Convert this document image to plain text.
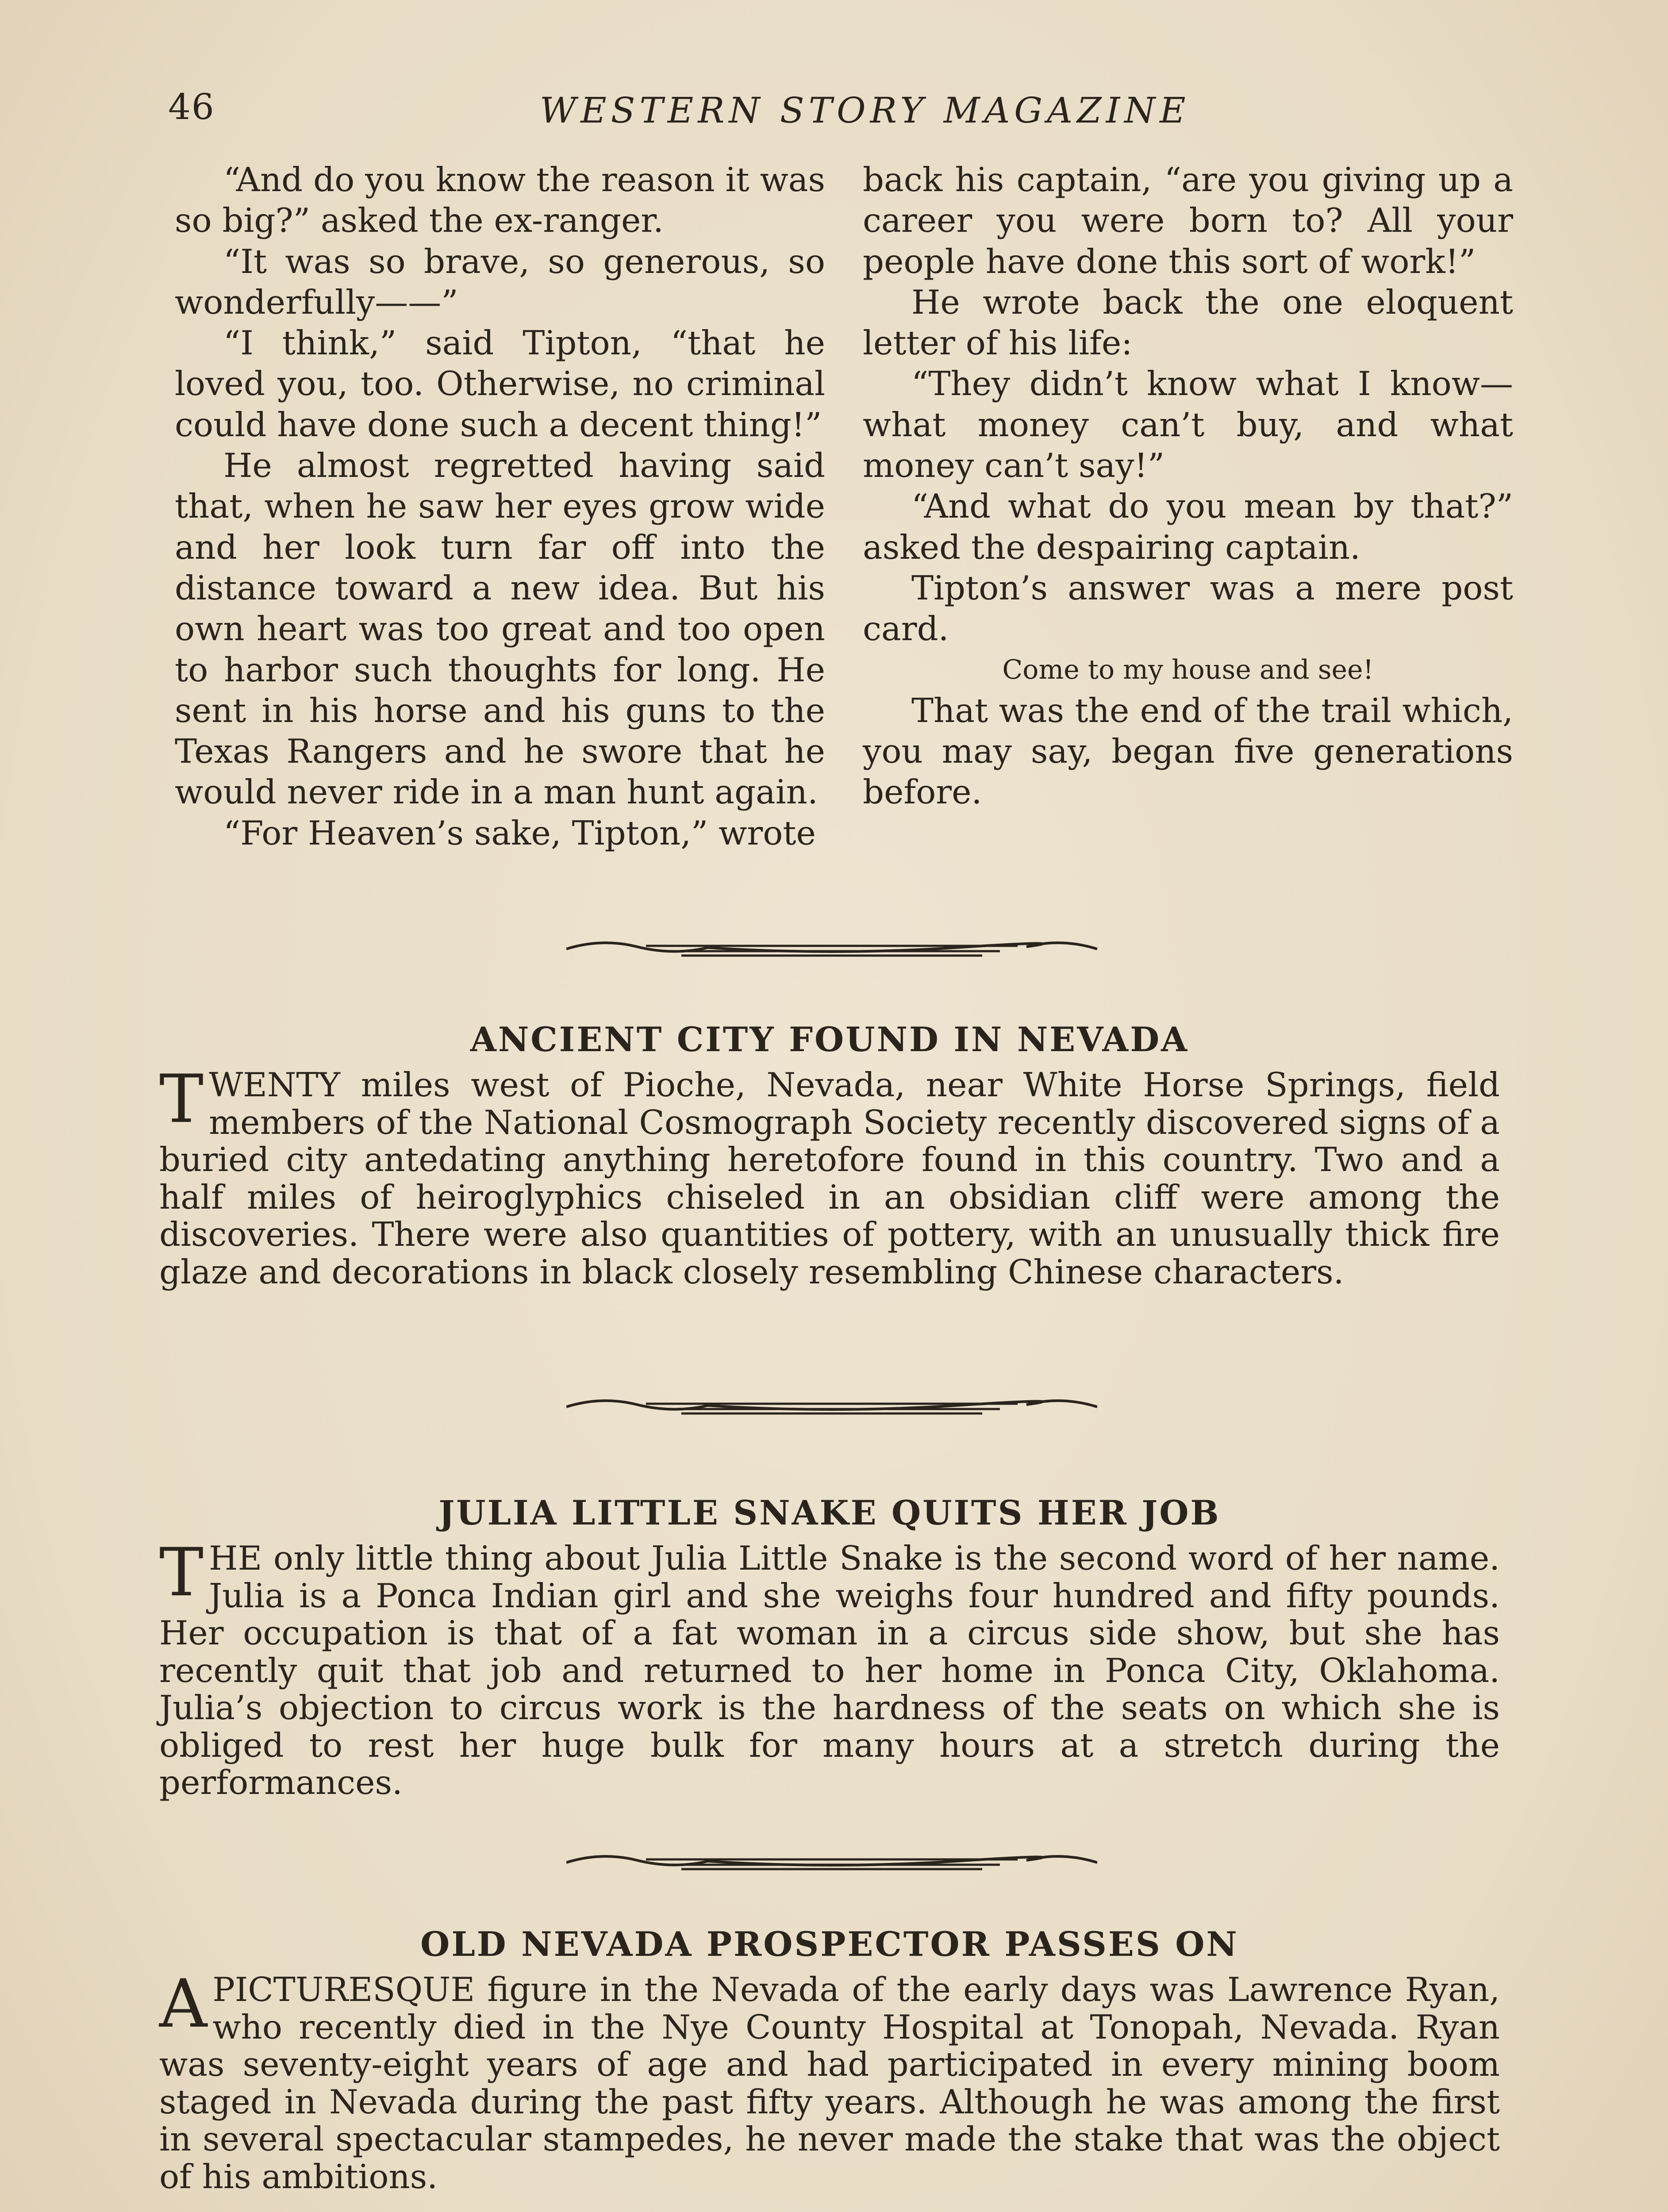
46	WESTERN STORY MAGAZINE

“And do you know the reason it was so big?” asked the ex-ranger.

“It was so brave, so generous, so wonderfully——”

“I think,” said Tipton, “that he loved you, too. Otherwise, no criminal could have done such a decent thing!”

He almost regretted having said that, when he saw her eyes grow wide and her look turn far off into the distance toward a new idea. But his own heart was too great and too open to harbor such thoughts for long. He sent in his horse and his guns to the Texas Rangers and he swore that he would never ride in a man hunt again.

“For Heaven’s sake, Tipton,” wrote

back his captain, “are you giving up a career you were born to? All your people have done this sort of work!”

He wrote back the one eloquent letter of his life:

“They didn’t know what I know—what money can’t buy, and what money can’t say!”

“And what do you mean by that?” asked the despairing captain.

Tipton’s answer was a mere post card.

Come to my house and see!

That was the end of the trail which, you may say, began five generations before.

ANCIENT CITY FOUND IN NEVADA
T WENTY miles west of Pioche, Nevada, near White Horse Springs, field members of the National Cosmograph Society recently discovered signs of a buried city antedating anything heretofore found in this country. Two and a half miles of heiroglyphics chiseled in an obsidian cliff were among the discoveries. There were also quantities of pottery, with an unusually thick fire glaze and decorations in black closely resembling Chinese characters.
JULIA LITTLE SNAKE QUITS HER JOB
T HE only little thing about Julia Little Snake is the second word of her name. Julia is a Ponca Indian girl and she weighs four hundred and fifty pounds. Her occupation is that of a fat woman in a circus side show, but she has recently quit that job and returned to her home in Ponca City, Oklahoma. Julia’s objection to circus work is the hardness of the seats on which she is obliged to rest her huge bulk for many hours at a stretch during the performances.
OLD NEVADA PROSPECTOR PASSES ON
A PICTURESQUE figure in the Nevada of the early days was Lawrence Ryan, who recently died in the Nye County Hospital at Tonopah, Nevada. Ryan was seventy-eight years of age and had participated in every mining boom staged in Nevada during the past fifty years. Although he was among the first in several spectacular stampedes, he never made the stake that was the object of his ambitions.
